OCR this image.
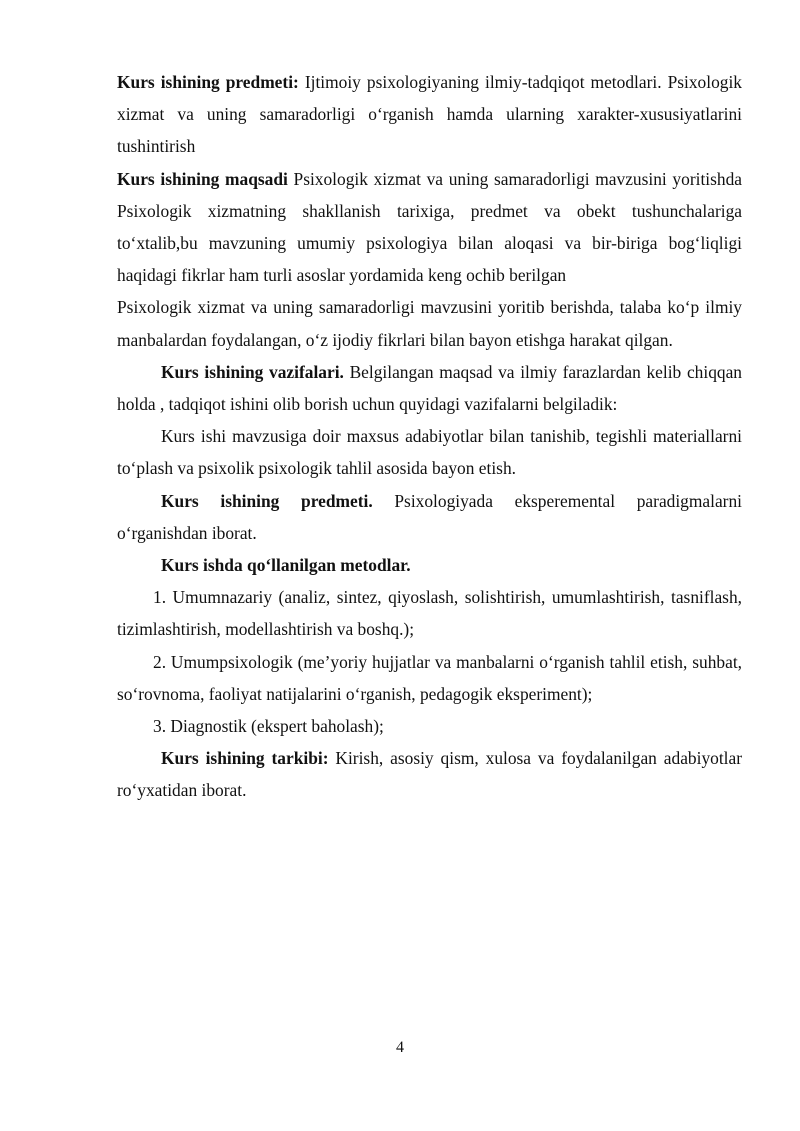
Kurs ishining predmeti: Ijtimoiy psixologiyaning ilmiy-tadqiqot metodlari. Psixologik xizmat va uning samaradorligi o‘rganish hamda ularning xarakter-xususiyatlarini tushintirish

Kurs ishining maqsadi Psixologik xizmat va uning samaradorligi mavzusini yoritishda Psixologik xizmatning shakllanish tarixiga, predmet va obekt tushunchalariga to‘xtalib,bu mavzuning umumiy psixologiya bilan aloqasi va bir-biriga bog‘liqligi haqidagi fikrlar ham turli asoslar yordamida keng ochib berilgan

Psixologik xizmat va uning samaradorligi mavzusini yoritib berishda, talaba ko‘p ilmiy manbalardan foydalangan, o‘z ijodiy fikrlari bilan bayon etishga harakat qilgan.

Kurs ishining vazifalari. Belgilangan maqsad va ilmiy farazlardan kelib chiqqan holda , tadqiqot ishini olib borish uchun quyidagi vazifalarni belgiladik:

Kurs ishi mavzusiga doir maxsus adabiyotlar bilan tanishib, tegishli materiallarni to‘plash va psixolik psixologik tahlil asosida bayon etish.

Kurs ishining predmeti. Psixologiyada eksperemental paradigmalarni o‘rganishdan iborat.

Kurs ishda qo‘llanilgan metodlar.

1. Umumnazariy (analiz, sintez, qiyoslash, solishtirish, umumlashtirish, tasniflash, tizimlashtirish, modellashtirish va boshq.);

2. Umumpsixologik (me’yoriy hujjatlar va manbalarni o‘rganish tahlil etish, suhbat, so‘rovnoma, faoliyat natijalarini o‘rganish, pedagogik eksperiment);

3. Diagnostik (ekspert baholash);

Kurs ishining tarkibi: Kirish, asosiy qism, xulosa va foydalanilgan adabiyotlar ro‘yxatidan iborat.

4
